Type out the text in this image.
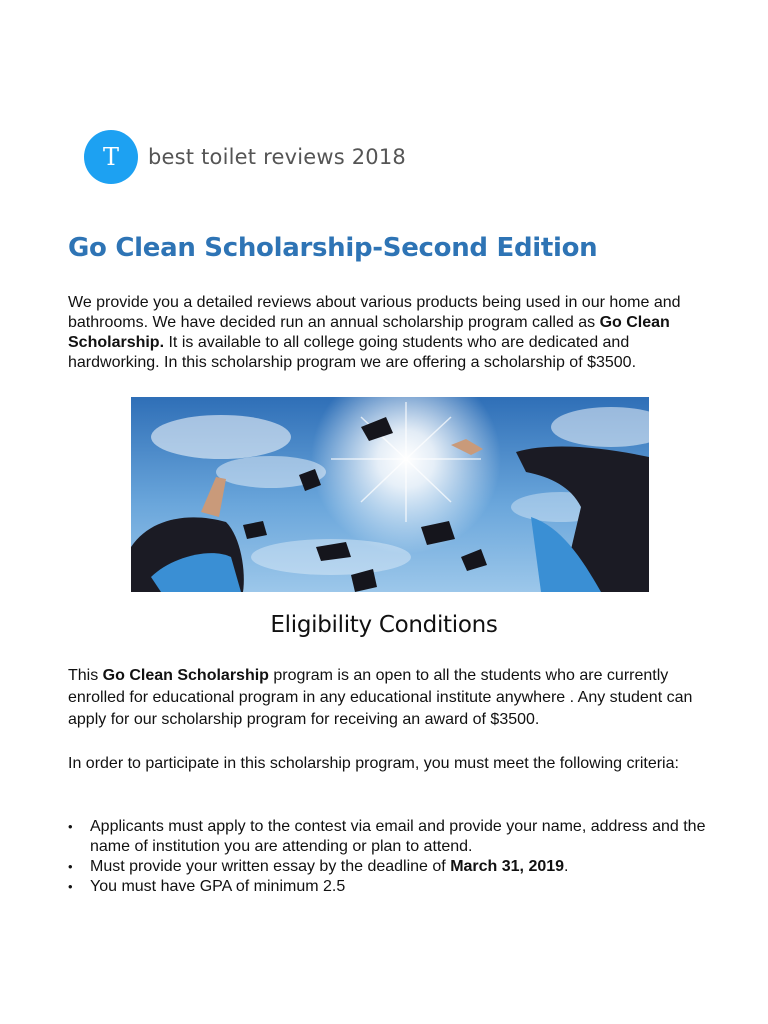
T	best toilet reviews 2018
Go Clean Scholarship-Second Edition

We provide you a detailed reviews about various products being used in our home and bathrooms. We have decided run an annual scholarship program called as Go Clean Scholarship. It is available to all college going students who are dedicated and hardworking. In this scholarship program we are offering a scholarship of $3500.

Eligibility Conditions

This Go Clean Scholarship program is an open to all the students who are currently enrolled for educational program in any educational institute anywhere . Any student can apply for our scholarship program for receiving an award of $3500.

In order to participate in this scholarship program, you must meet the following criteria:

• Applicants must apply to the contest via email and provide your name, address and the name of institution you are attending or plan to attend.
• Must provide your written essay by the deadline of March 31, 2019.
• You must have GPA of minimum 2.5
